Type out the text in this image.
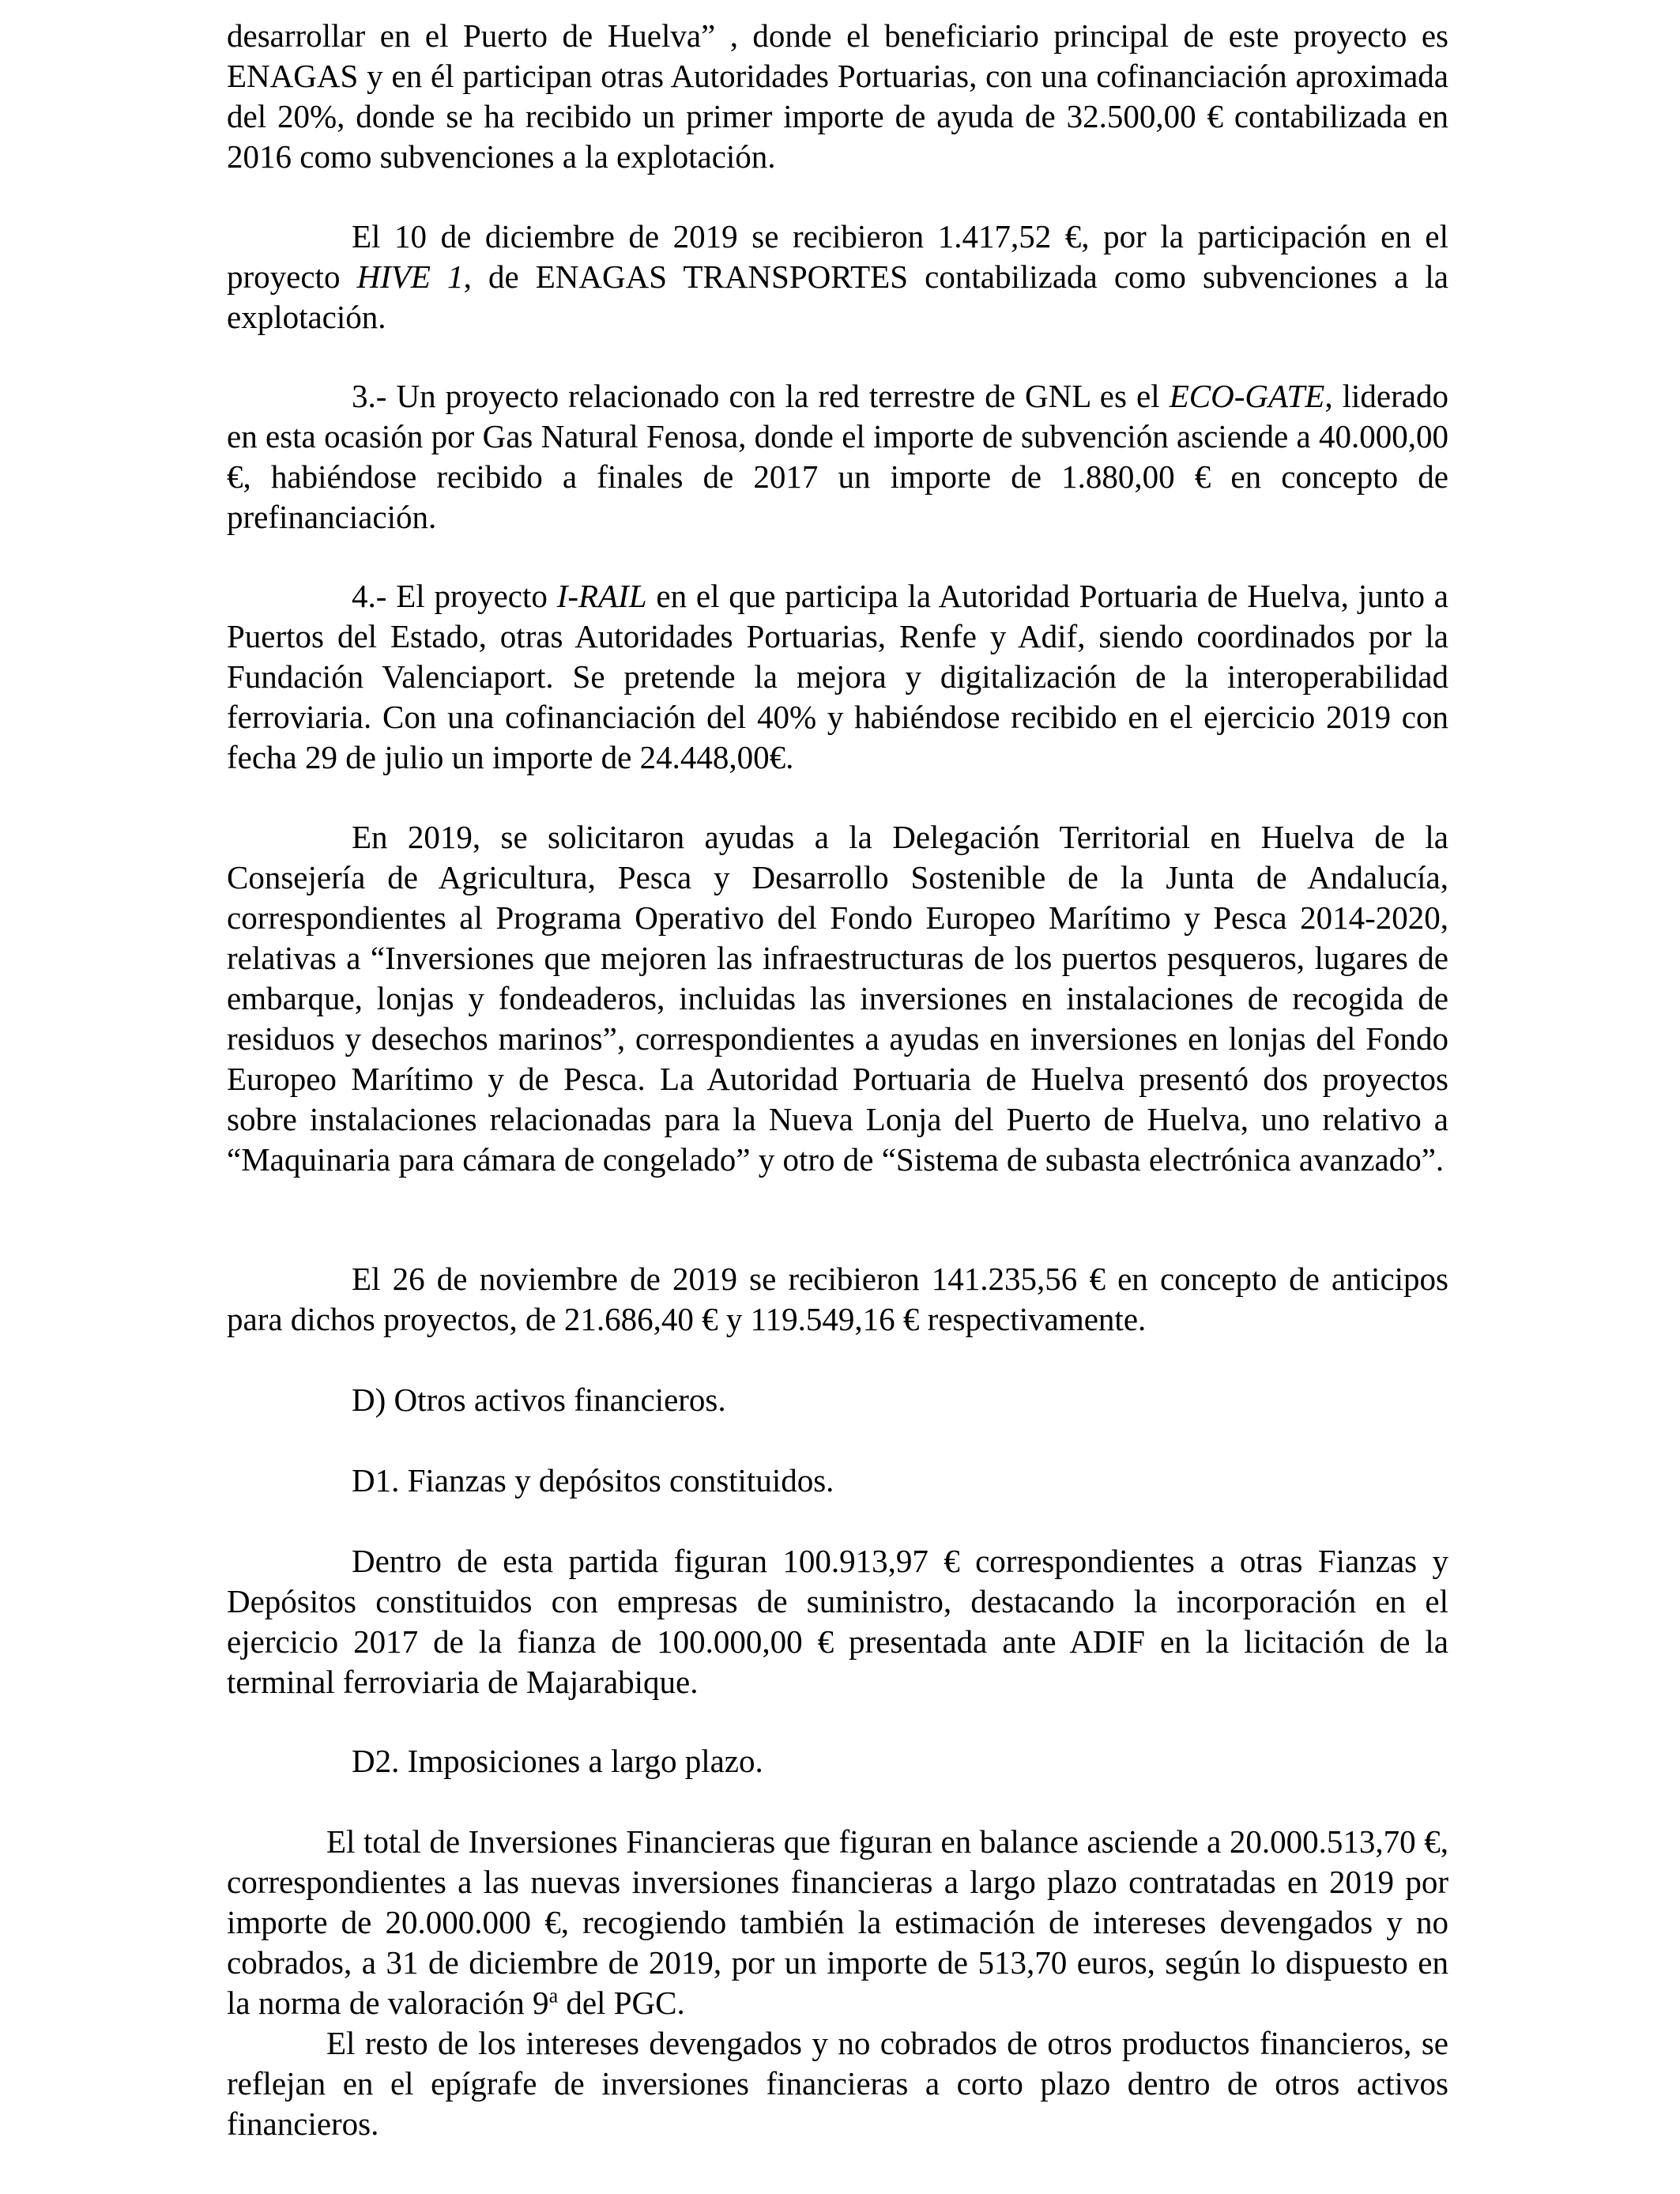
desarrollar en el Puerto de Huelva” , donde el beneficiario principal de este proyecto es ENAGAS y en él participan otras Autoridades Portuarias, con una cofinanciación aproximada del 20%, donde se ha recibido un primer importe de ayuda de 32.500,00 € contabilizada en 2016 como subvenciones a la explotación.

El 10 de diciembre de 2019 se recibieron 1.417,52 €, por la participación en el proyecto HIVE 1, de ENAGAS TRANSPORTES contabilizada como subvenciones a la explotación.

3.- Un proyecto relacionado con la red terrestre de GNL es el ECO-GATE, liderado en esta ocasión por Gas Natural Fenosa, donde el importe de subvención asciende a 40.000,00 €, habiéndose recibido a finales de 2017 un importe de 1.880,00 € en concepto de prefinanciación.

4.- El proyecto I-RAIL en el que participa la Autoridad Portuaria de Huelva, junto a Puertos del Estado, otras Autoridades Portuarias, Renfe y Adif, siendo coordinados por la Fundación Valenciaport. Se pretende la mejora y digitalización de la interoperabilidad ferroviaria. Con una cofinanciación del 40% y habiéndose recibido en el ejercicio 2019 con fecha 29 de julio un importe de 24.448,00€.

En 2019, se solicitaron ayudas a la Delegación Territorial en Huelva de la Consejería de Agricultura, Pesca y Desarrollo Sostenible de la Junta de Andalucía, correspondientes al Programa Operativo del Fondo Europeo Marítimo y Pesca 2014-2020, relativas a “Inversiones que mejoren las infraestructuras de los puertos pesqueros, lugares de embarque, lonjas y fondeaderos, incluidas las inversiones en instalaciones de recogida de residuos y desechos marinos”, correspondientes a ayudas en inversiones en lonjas del Fondo Europeo Marítimo y de Pesca. La Autoridad Portuaria de Huelva presentó dos proyectos sobre instalaciones relacionadas para la Nueva Lonja del Puerto de Huelva, uno relativo a “Maquinaria para cámara de congelado” y otro de “Sistema de subasta electrónica avanzado”.

El 26 de noviembre de 2019 se recibieron 141.235,56 € en concepto de anticipos para dichos proyectos, de 21.686,40 € y 119.549,16 € respectivamente.

D) Otros activos financieros.

D1. Fianzas y depósitos constituidos.

Dentro de esta partida figuran 100.913,97 € correspondientes a otras Fianzas y Depósitos constituidos con empresas de suministro, destacando la incorporación en el ejercicio 2017 de la fianza de 100.000,00 € presentada ante ADIF en la licitación de la terminal ferroviaria de Majarabique.

D2. Imposiciones a largo plazo.

El total de Inversiones Financieras que figuran en balance asciende a 20.000.513,70 €, correspondientes a las nuevas inversiones financieras a largo plazo contratadas en 2019 por importe de 20.000.000 €, recogiendo también la estimación de intereses devengados y no cobrados, a 31 de diciembre de 2019, por un importe de 513,70 euros, según lo dispuesto en la norma de valoración 9$^a$ del PGC.

El resto de los intereses devengados y no cobrados de otros productos financieros, se reflejan en el epígrafe de inversiones financieras a corto plazo dentro de otros activos financieros.
